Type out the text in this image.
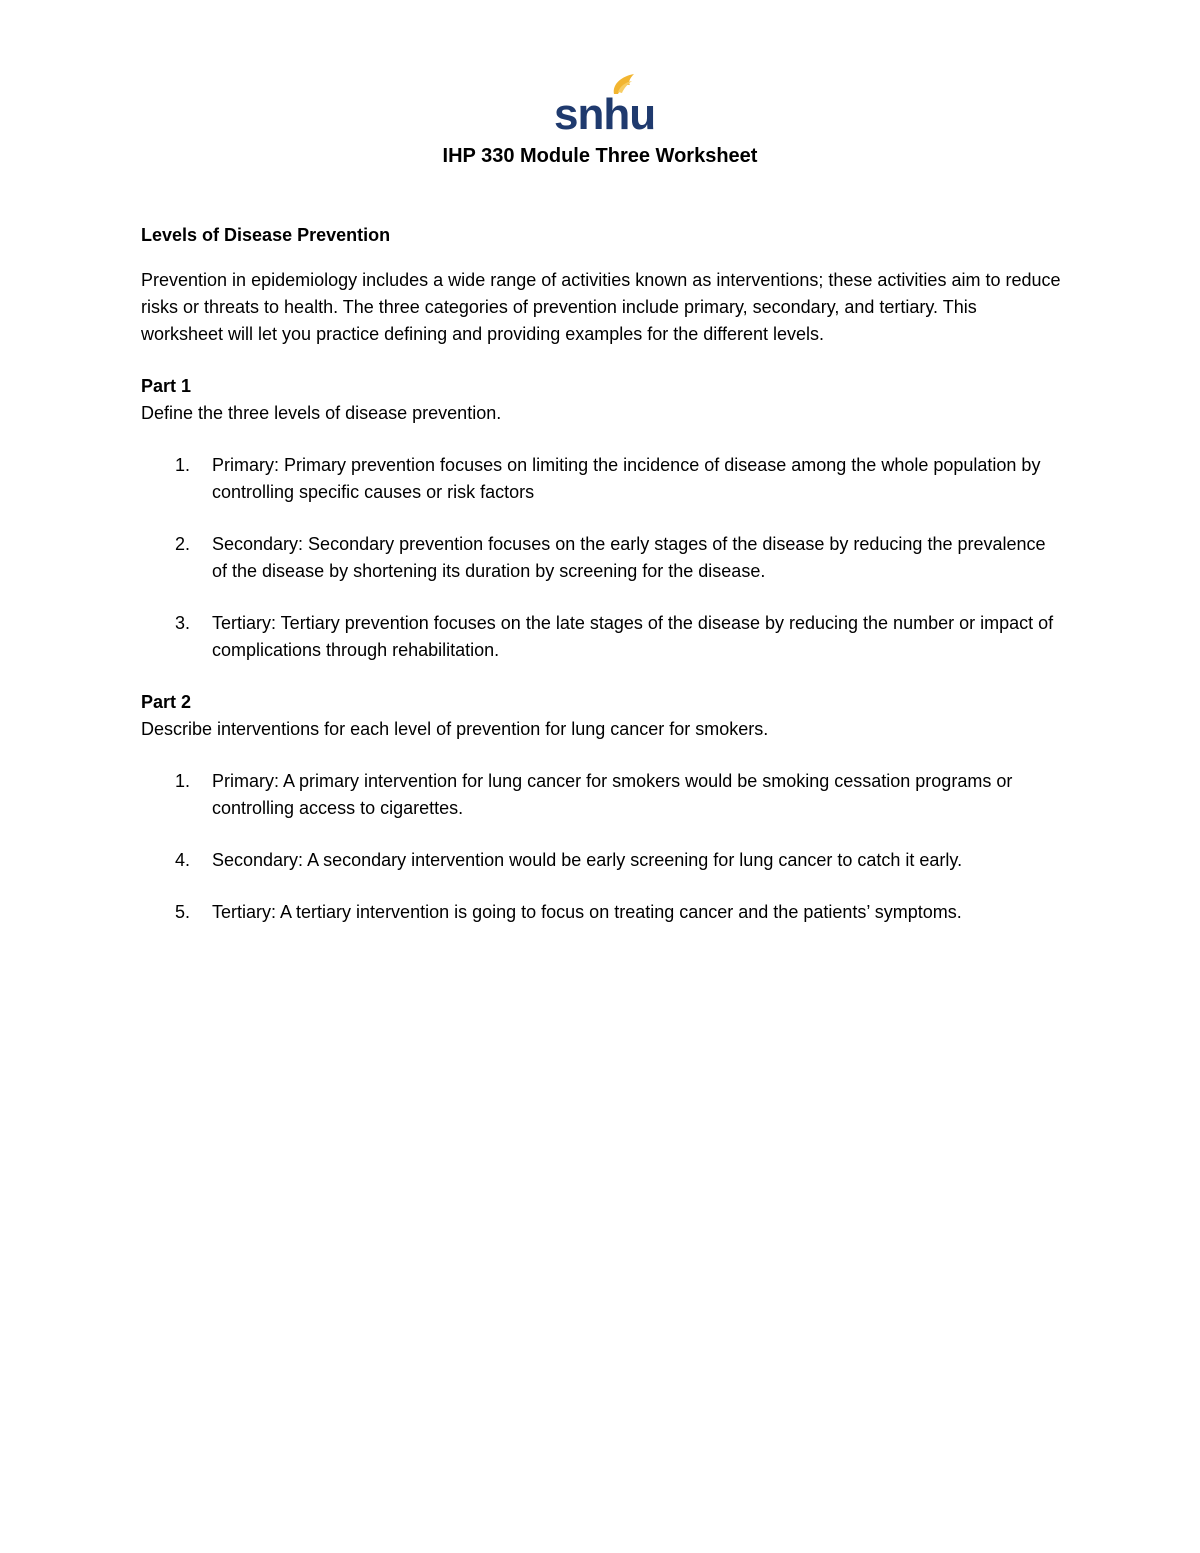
snhu
IHP 330 Module Three Worksheet

Levels of Disease Prevention

Prevention in epidemiology includes a wide range of activities known as interventions; these activities aim to reduce risks or threats to health. The three categories of prevention include primary, secondary, and tertiary. This worksheet will let you practice defining and providing examples for the different levels.

Part 1

Define the three levels of disease prevention.

1. Primary: Primary prevention focuses on limiting the incidence of disease among the whole population by controlling specific causes or risk factors
2. Secondary: Secondary prevention focuses on the early stages of the disease by reducing the prevalence of the disease by shortening its duration by screening for the disease.
3. Tertiary: Tertiary prevention focuses on the late stages of the disease by reducing the number or impact of complications through rehabilitation.

Part 2

Describe interventions for each level of prevention for lung cancer for smokers.

1. Primary: A primary intervention for lung cancer for smokers would be smoking cessation programs or controlling access to cigarettes.
4. Secondary: A secondary intervention would be early screening for lung cancer to catch it early.
5. Tertiary: A tertiary intervention is going to focus on treating cancer and the patients’ symptoms.
